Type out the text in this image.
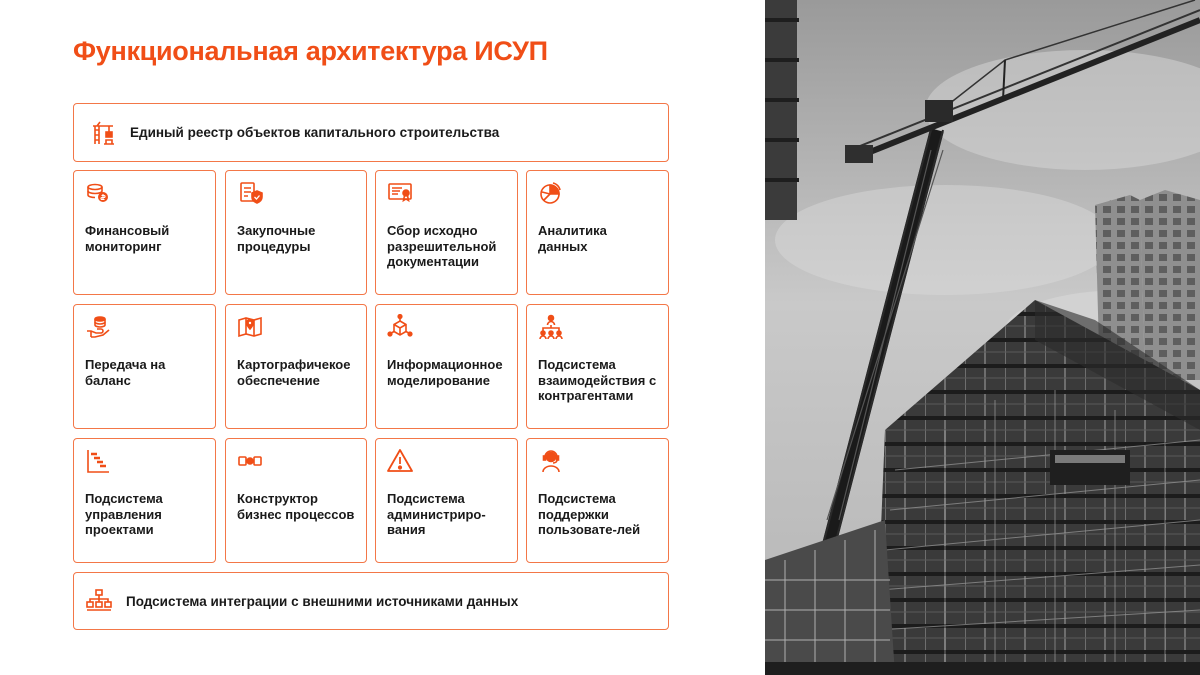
Функциональная архитектура ИСУП
Единый реестр объектов капитального строительства
Финансовый мониторинг
Закупочные процедуры
Сбор исходно разрешительной документации
Аналитика данных
Передача на баланс
Картографичекое обеспечение
Информационное моделирование
Подсистема взаимодействия с контрагентами
Подсистема управления проектами
Конструктор бизнес процессов
Подсистема администриро-вания
Подсистема поддержки пользовате-лей
Подсистема интеграции с внешними источниками данных
